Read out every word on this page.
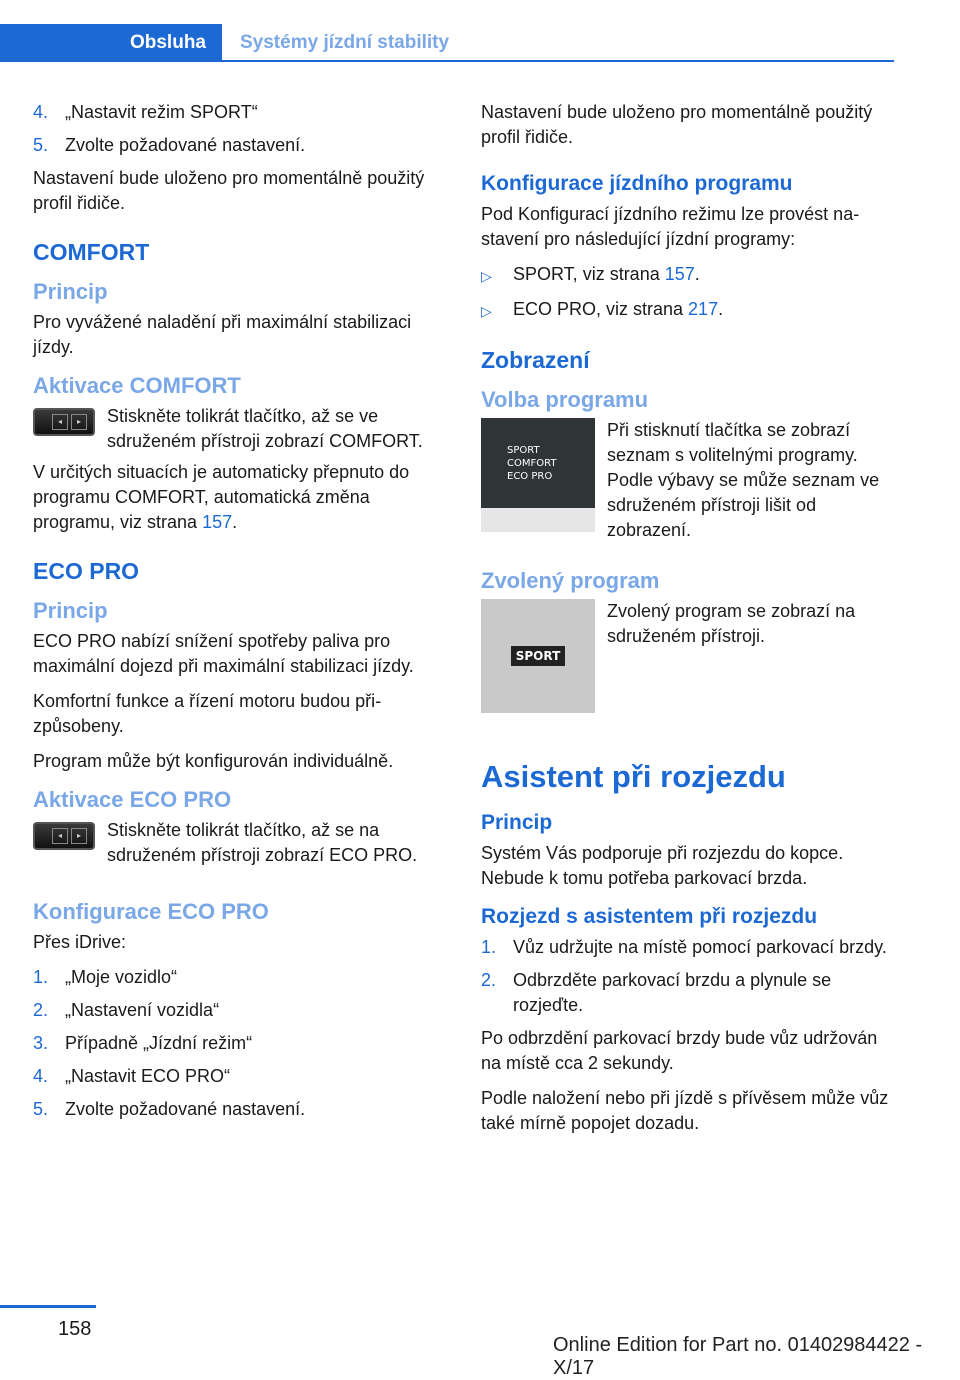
Obsluha	Systémy jízdní stability
4. „Nastavit režim SPORT“
5. Zvolte požadované nastavení.

Nastavení bude uloženo pro momentálně použitý profil řidiče.

COMFORT
Princip

Pro vyvážené naladění při maximální stabilizaci jízdy.

Aktivace COMFORT
◂	▸	Stiskněte tolikrát tlačítko, až se ve sdruženém přístroji zobrazí COMFORT.

V určitých situacích je automaticky přepnuto do programu COMFORT, automatická změna programu, viz strana 157.

ECO PRO
Princip

ECO PRO nabízí snížení spotřeby paliva pro maximální dojezd při maximální stabilizaci jízdy.

Komfortní funkce a řízení motoru budou přizpůsobeny.

Program může být konfigurován individuálně.

Aktivace ECO PRO
◂	▸	Stiskněte tolikrát tlačítko, až se na sdruženém přístroji zobrazí ECO PRO.
Konfigurace ECO PRO

Přes iDrive:

1. „Moje vozidlo“
2. „Nastavení vozidla“
3. Případně „Jízdní režim“
4. „Nastavit ECO PRO“
5. Zvolte požadované nastavení.

Nastavení bude uloženo pro momentálně použitý profil řidiče.

Konfigurace jízdního programu

Pod Konfigurací jízdního režimu lze provést nastavení pro následující jízdní programy:

▷	SPORT, viz strana 157.
▷	ECO PRO, viz strana 217.
Zobrazení
Volba programu
SPORT
COMFORT
ECO PRO
Při stisknutí tlačítka se zobrazí seznam s volitelnými programy. Podle výbavy se může seznam ve sdruženém přístroji lišit od zobrazení.
Zvolený program
SPORT
Zvolený program se zobrazí na sdruženém přístroji.
Asistent při rozjezdu
Princip

Systém Vás podporuje při rozjezdu do kopce. Nebude k tomu potřeba parkovací brzda.

Rozjezd s asistentem při rozjezdu
1. Vůz udržujte na místě pomocí parkovací brzdy.
2. Odbrzděte parkovací brzdu a plynule se rozjeďte.

Po odbrzdění parkovací brzdy bude vůz udržován na místě cca 2 sekundy.

Podle naložení nebo při jízdě s přívěsem může vůz také mírně popojet dozadu.

158
Online Edition for Part no. 01402984422 - X/17
